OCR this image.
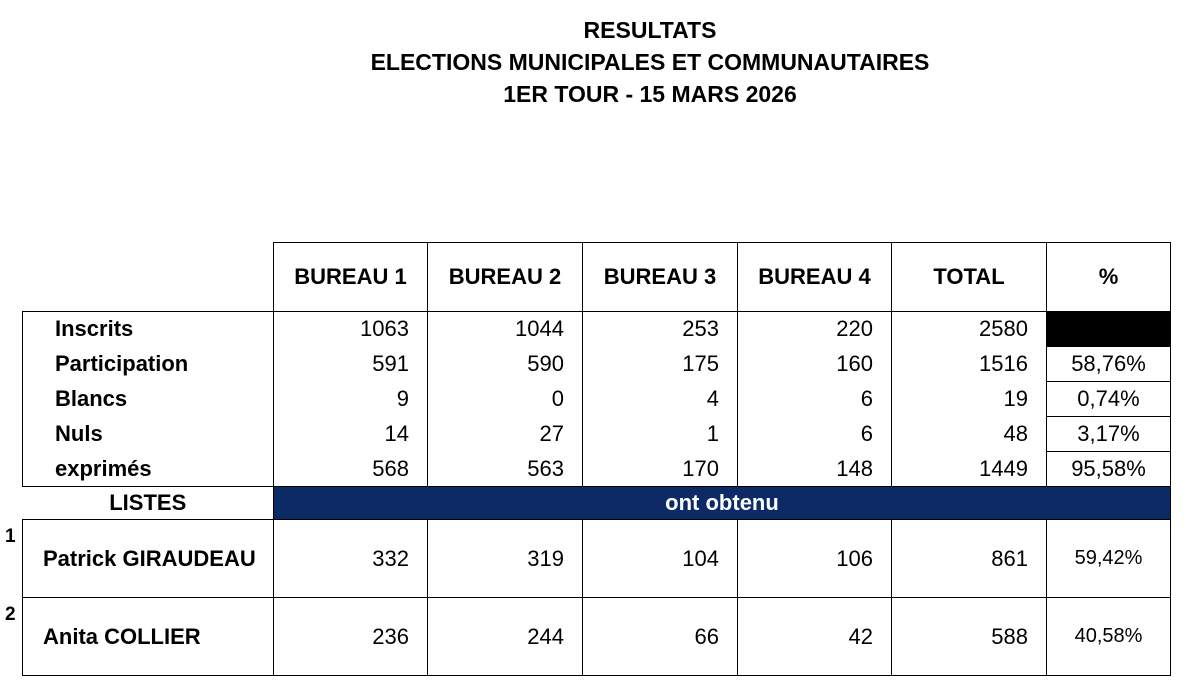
RESULTATS
ELECTIONS MUNICIPALES ET COMMUNAUTAIRES
1ER TOUR - 15 MARS 2026
	BUREAU 1	BUREAU 2	BUREAU 3	BUREAU 4	TOTAL	%
Inscrits	1063	1044	253	220	2580	
Participation	591	590	175	160	1516	58,76%
Blancs	9	0	4	6	19	0,74%
Nuls	14	27	1	6	48	3,17%
exprimés	568	563	170	148	1449	95,58%
LISTES	ont obtenu					

1
Patrick GIRAUDEAU	332	319	104	106	861	59,42%

2
Anita COLLIER	236	244	66	42	588	40,58%
